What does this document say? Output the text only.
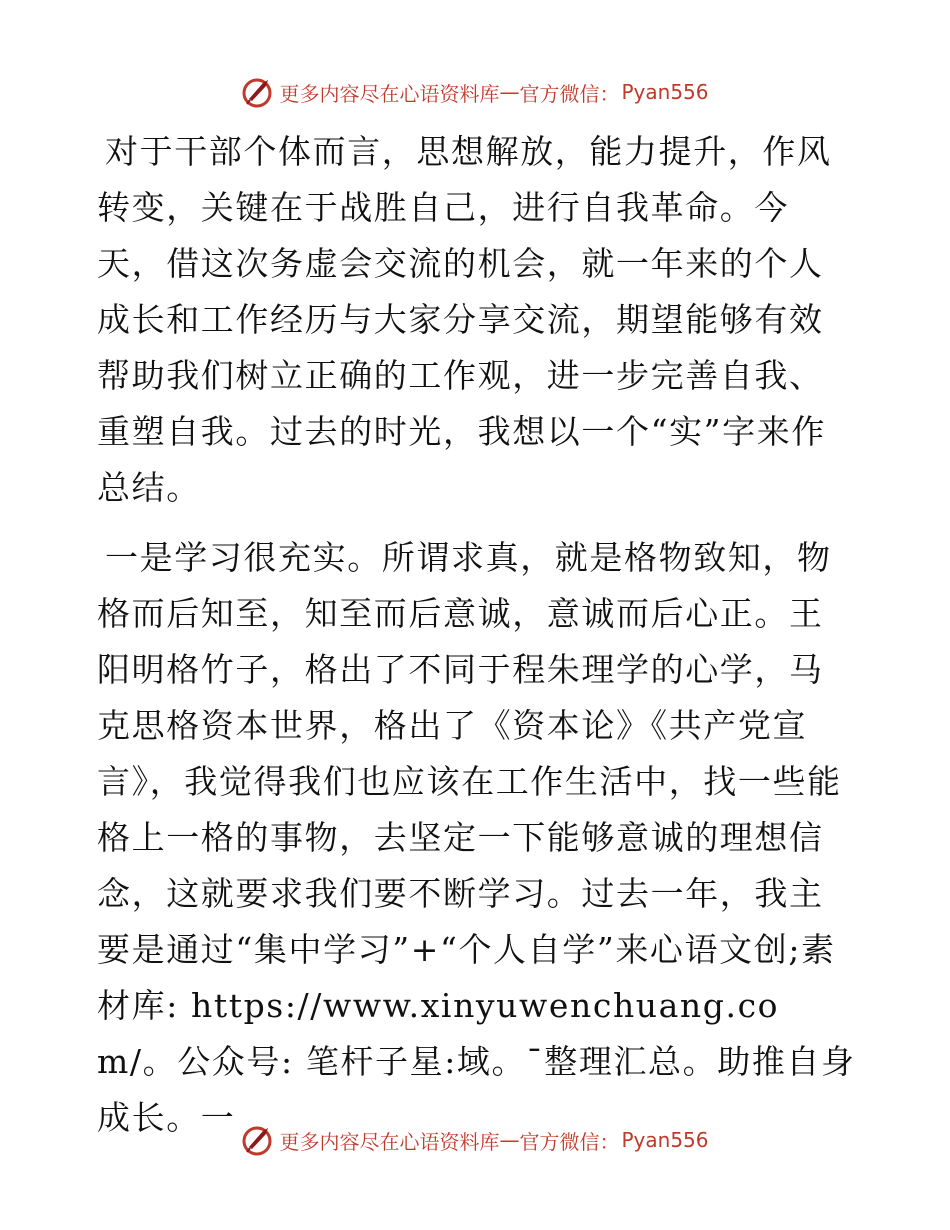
更多内容尽在心语资料库 — 官方微信： Pyan556

对于干部个体而言，思想解放，能力提升，作风转变，关键在于战胜自己，进行自我革命。今天，借这次务虚会交流的机会，就一年来的个人成长和工作经历与大家分享交流，期望能够有效帮助我们树立正确的工作观，进一步完善自我、重塑自我。过去的时光，我想以一个“实”字来作总结。

一是学习很充实。所谓求真，就是格物致知，物格而后知至，知至而后意诚，意诚而后心正。王阳明格竹子，格出了不同于程朱理学的心学，马克思格资本世界，格出了《资本论》《共产党宣言》，我觉得我们也应该在工作生活中，找一些能格上一格的事物，去坚定一下能够意诚的理想信念，这就要求我们要不断学习。过去一年，我主要是通过“集中学习”+“个人自学”来心语文创;素材库: https://www.xinyuwenchuang.com/。公众号: 笔杆子星:域。¯整理汇总。助推自身成长。一

更多内容尽在心语资料库 — 官方微信： Pyan556
